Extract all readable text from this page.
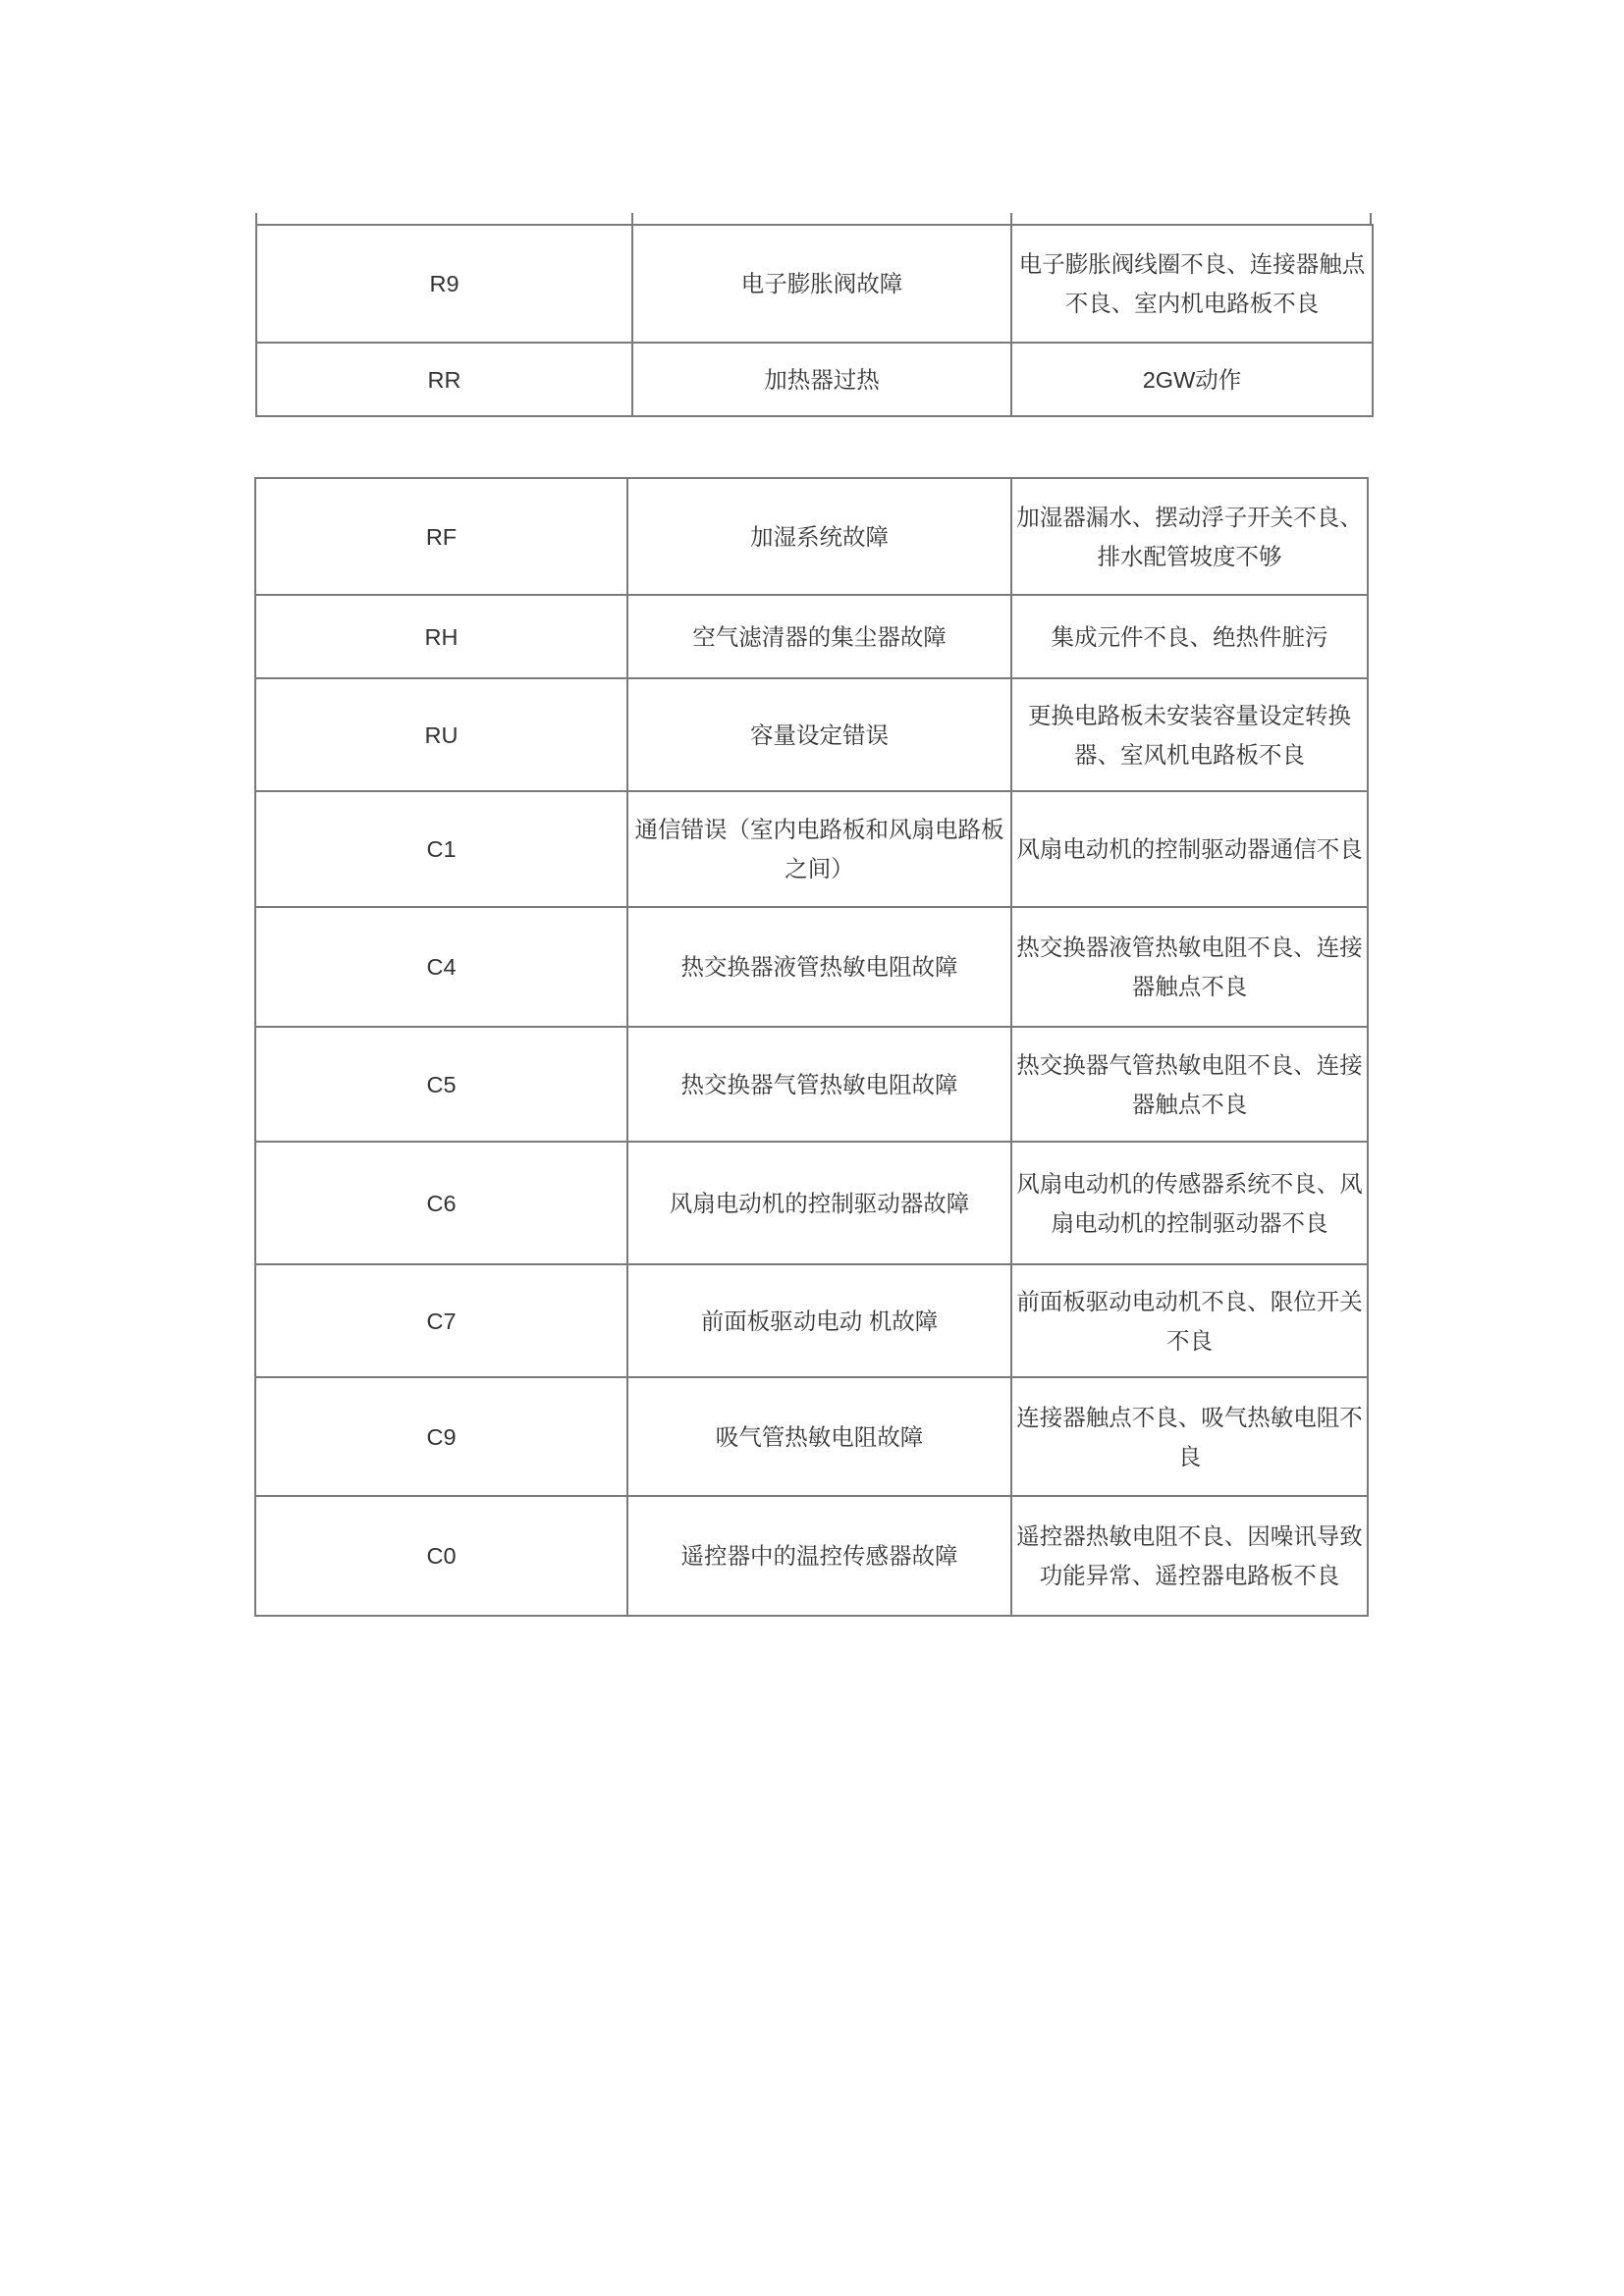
R9	电子膨胀阀故障	电子膨胀阀线圈不良、连接器触点不良、室内机电路板不良
RR	加热器过热	2GW动作
RF	加湿系统故障	加湿器漏水、摆动浮子开关不良、排水配管坡度不够
RH	空气滤清器的集尘器故障	集成元件不良、绝热件脏污
RU	容量设定错误	更换电路板未安装容量设定转换器、室风机电路板不良
C1	通信错误（室内电路板和风扇电路板之间）	风扇电动机的控制驱动器通信不良
C4	热交换器液管热敏电阻故障	热交换器液管热敏电阻不良、连接器触点不良
C5	热交换器气管热敏电阻故障	热交换器气管热敏电阻不良、连接器触点不良
C6	风扇电动机的控制驱动器故障	风扇电动机的传感器系统不良、风扇电动机的控制驱动器不良
C7	前面板驱动电动 机故障	前面板驱动电动机不良、限位开关不良
C9	吸气管热敏电阻故障	连接器触点不良、吸气热敏电阻不良
C0	遥控器中的温控传感器故障	遥控器热敏电阻不良、因噪讯导致功能异常、遥控器电路板不良
